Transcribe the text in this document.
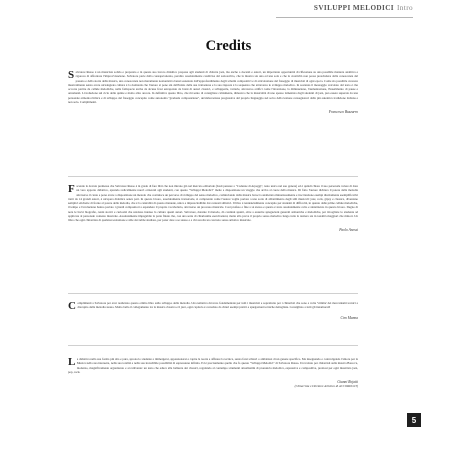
SVILUPPI MELODICI Intro
Credits
Salvatore Russo è un musicista solido e preparato e in questo suo lavoro didattico propone agli studenti di chitarra jazz, ma anche a docenti e autori, un importante opportunità di riflessione su una possibile maniera analitica e rigorosa di affrontare l'improvvisazione. Salvatore parte dalla consapevolezza, peraltro assolutamente condivisa dal sottoscritto, che la musica sia una ed una sola e che la creatività non possa prescindere dalla conoscenza del passato e della storia della musica, una conoscenza non meramente nozionistica bensì sostenuta dall'approfondimento degli schemi compositivi e di articolazione del fraseggio di musicisti di ogni epoca. Come sia possibile crescere musicalmente senza avere un'adeguata cultura è la domanda che l'autore si pone sin dall'inizio della sua trattazione e la sua risposta è la sequenza che attraversa lo sviluppo melodico. In sostanza il messaggio veicolato dal testo è che occorre partire da cellule melodiche, nella fattispecie anche da alcune frasi estrapolate da brani di autori classici, e svilupparle, variarle, attraverso artifici come l'inversione, la diminuzione, l'aumentazione, l'inserimento di pause e ornamenti. L'evoluzione sul ciclo delle quinte e molto altro ancora. In definitiva questo libro, che mi sento di consigliare caldamente, dimostra che la musicalità di uno spesso lamentata dagli studenti di jazz, può essere superata da una personale armonia ritmica e di sviluppo del fraseggio concepito come autonoma "graduale composizione", un'elaborazione progressiva del proprio linguaggio nel solco della lezione consegnataci dalla più autentica tradizione italiana e non solo. Complimenti.
Francesco Buzzurro
Facendo la dovuta premessa che Salvatore Russo è in grado di fare libri che non mirano già nel mercato editoriale (basti pensare a "Cadenze di Arpeggi", testo unico nel suo genere) ed è quindi chiaro il suo personale volere di dare un vero apporto didattico, aprendo radicalmente nuovi orizzonti agli studenti, con questo "Sviluppi Melodici" mette a disposizione un viaggio che arriva al cuore della musica. Di fatto l'autore dichiara il potere della melodia attraverso il canto e pone avere a disposizione un metodo che costruisce un percorso di sviluppo del senso melodico, cominciando dalla musica barocca analizzata minuziosamente e tracciandone esempi direttamente esemplificativi tratti da 14 grandi autori, è un'opera didattica senza pari. In questo lavoro, assolutamente trasversale, si comprende come l'autore voglia portare a una sorta di abbattimento degli stili musicali: jazz, rock, gipsy e classica, diventano semplici etichette di fronte al potere della melodia, che è la centralità di questo manuale, unica e imprescindibile dai contesti stilistici. Il libro è tendenzialmente concepito per studenti di difficoltà, in quanto dalle prime cellule melodiche, il tempo e l'evoluzione hanno portato i grandi compositori a espandere il proprio vocabolario, attraverso un processo musicale. Così profuso e fine a sé stesso e questo è stato assolutamente colto e sintetizzato in questo lavoro. Degno di nota le brevi biografie, cenni storici e curiosità che rendono intenso la cultura questi autori. Salvatore, durante il metodo, dà continui spunti, oltre a esaurire spiegazioni generali armoniche e melodiche, per invogliare lo studente ad applicare al personale contesto musicale. Assolutamente impagabile la parte finale che, con una serie di chiarissime esercitazioni, mette alla prova il proprio senso melodico lungo tutta la tastiera sia in tonalità maggiori che minori. Un libro che ogni chitarrista di qualsiasi estrazione e stile dovrebbe studiare, per poter dare a se stesso e a chi ascolta un concreto senso artistico musicale.
Paolo Anessi
Complimenti a Salvatore per aver realizzato questo ottimo libro sullo sviluppo della melodia. Una tematica davvero fondamentale per tutti i musicisti e soprattutto per i chitarristi che sono a volte 'vittime' dei meccanismi tecnici a discapito della melodia stessa. Molto bello il collegamento tra la musica classica e il jazz, ogni capitolo è corredato da chiari esempi pratici e spiegazioni tecniche dettagliate. Consigliato a tutti gli innamorati!
Ciro Manna
La didattica nella sua forma più alta e pura, sprona lo studente a immergersi, appassionarsi e capire la teoria e affinare la tecnica, senza farsi schiavi o ambiziosi di un genere specifico. Ma insegnando e coinvolgendo l'amore per la Musica nella sua interezza, nella sua totalità e nella sua incredibile possibilità di espressione infinita. Ed è precisamente quello che fa questo "Sviluppi Melodici" di Salvatore Russo. Un trattato per chitarristi sulla musica Barocca, moderno, magnificamente organizzato e accattivante: un testo che educa alla bellezza dei classici, regalando al contempo strumenti attualissimi di pronuncia melodica, espressiva e compositiva, preziosi per ogni musicista jazz, pop, rock.
Gianni Rojatti
(Chitarrista e Direttore Artistico di ACCORDO.IT)
5
